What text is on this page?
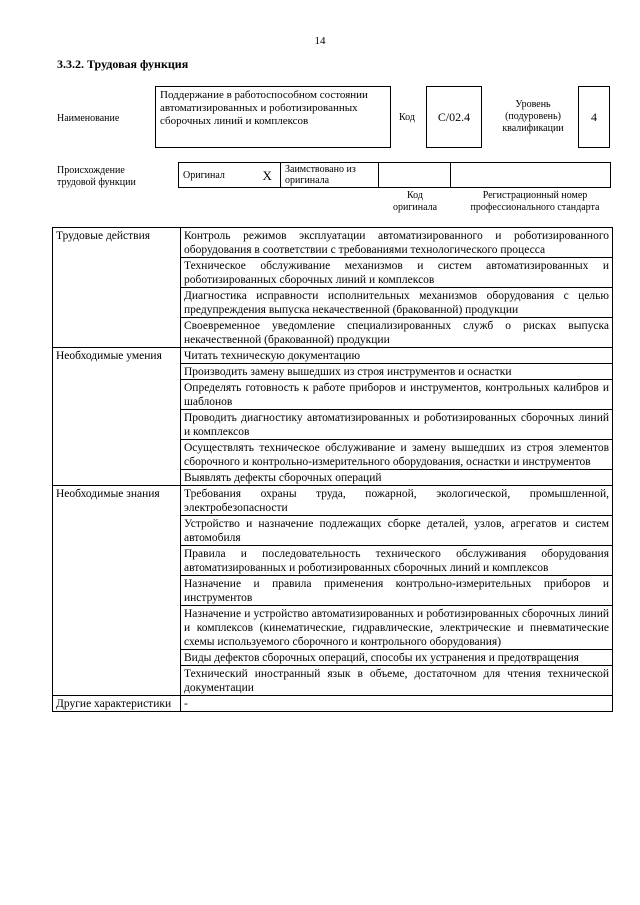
14
3.3.2. Трудовая функция
Наименование
Поддержание в работоспособном состоянии автоматизированных и роботизированных сборочных линий и комплексов	Код	C/02.4
Уровень
(подуровень)
квалификации
4
Происхождение
трудовой функции
Оригинал	X	Заимствовано из оригинала		
Код
оригинала
Регистрационный номер
профессионального стандарта
Трудовые действия	Контроль режимов эксплуатации автоматизированного и роботизированного оборудования в соответствии с требованиями технологического процесса
	Техническое обслуживание механизмов и систем автоматизированных и роботизированных сборочных линий и комплексов
	Диагностика исправности исполнительных механизмов оборудования с целью предупреждения выпуска некачественной (бракованной) продукции
	Своевременное уведомление специализированных служб о рисках выпуска некачественной (бракованной) продукции
Необходимые умения	Читать техническую документацию
	Производить замену вышедших из строя инструментов и оснастки
	Определять готовность к работе приборов и инструментов, контрольных калибров и шаблонов
	Проводить диагностику автоматизированных и роботизированных сборочных линий и комплексов
	Осуществлять техническое обслуживание и замену вышедших из строя элементов сборочного и контрольно-измерительного оборудования, оснастки и инструментов
	Выявлять дефекты сборочных операций
Необходимые знания	Требования охраны труда, пожарной, экологической, промышленной, электробезопасности
	Устройство и назначение подлежащих сборке деталей, узлов, агрегатов и систем автомобиля
	Правила и последовательность технического обслуживания оборудования автоматизированных и роботизированных сборочных линий и комплексов
	Назначение и правила применения контрольно-измерительных приборов и инструментов
	Назначение и устройство автоматизированных и роботизированных сборочных линий и комплексов (кинематические, гидравлические, электрические и пневматические схемы используемого сборочного и контрольного оборудования)
	Виды дефектов сборочных операций, способы их устранения и предотвращения
	Технический иностранный язык в объеме, достаточном для чтения технической документации
Другие характеристики	-
